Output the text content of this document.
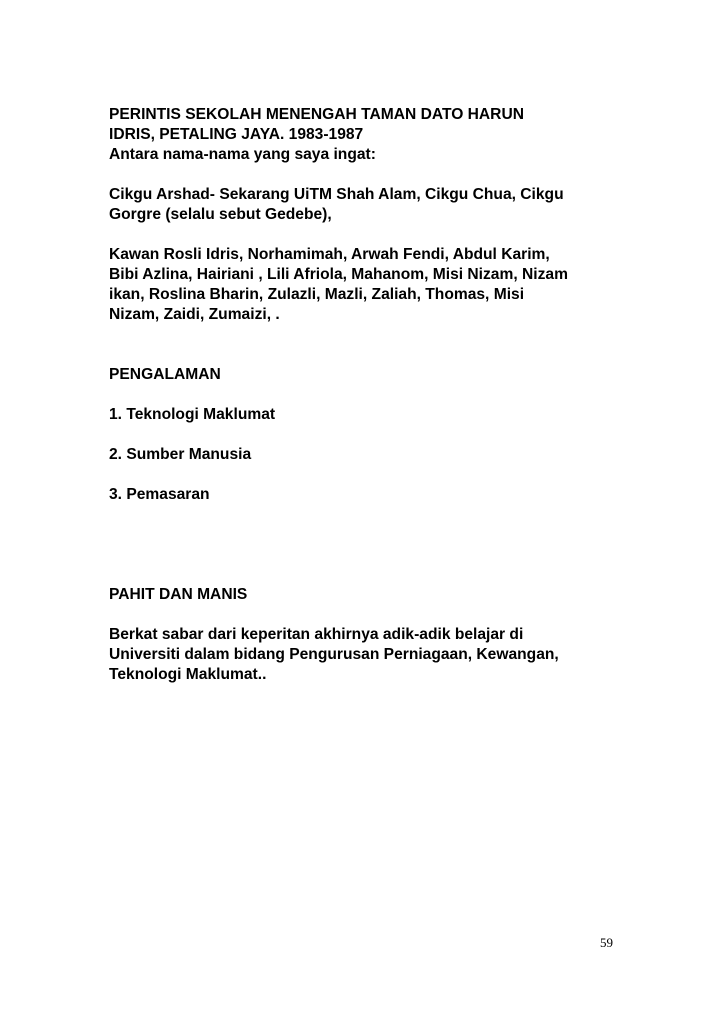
PERINTIS SEKOLAH MENENGAH TAMAN DATO HARUN
IDRIS, PETALING JAYA. 1983-1987
Antara nama-nama yang saya ingat:
Cikgu Arshad- Sekarang UiTM Shah Alam, Cikgu Chua, Cikgu
Gorgre (selalu sebut Gedebe),
Kawan Rosli Idris, Norhamimah, Arwah Fendi, Abdul Karim,
Bibi Azlina, Hairiani , Lili Afriola, Mahanom, Misi Nizam, Nizam
ikan, Roslina Bharin, Zulazli, Mazli, Zaliah, Thomas, Misi
Nizam, Zaidi, Zumaizi, .
PENGALAMAN
1. Teknologi Maklumat
2. Sumber Manusia
3. Pemasaran
PAHIT DAN MANIS
Berkat sabar dari keperitan akhirnya adik-adik belajar di
Universiti dalam bidang Pengurusan Perniagaan, Kewangan,
Teknologi Maklumat..
59
